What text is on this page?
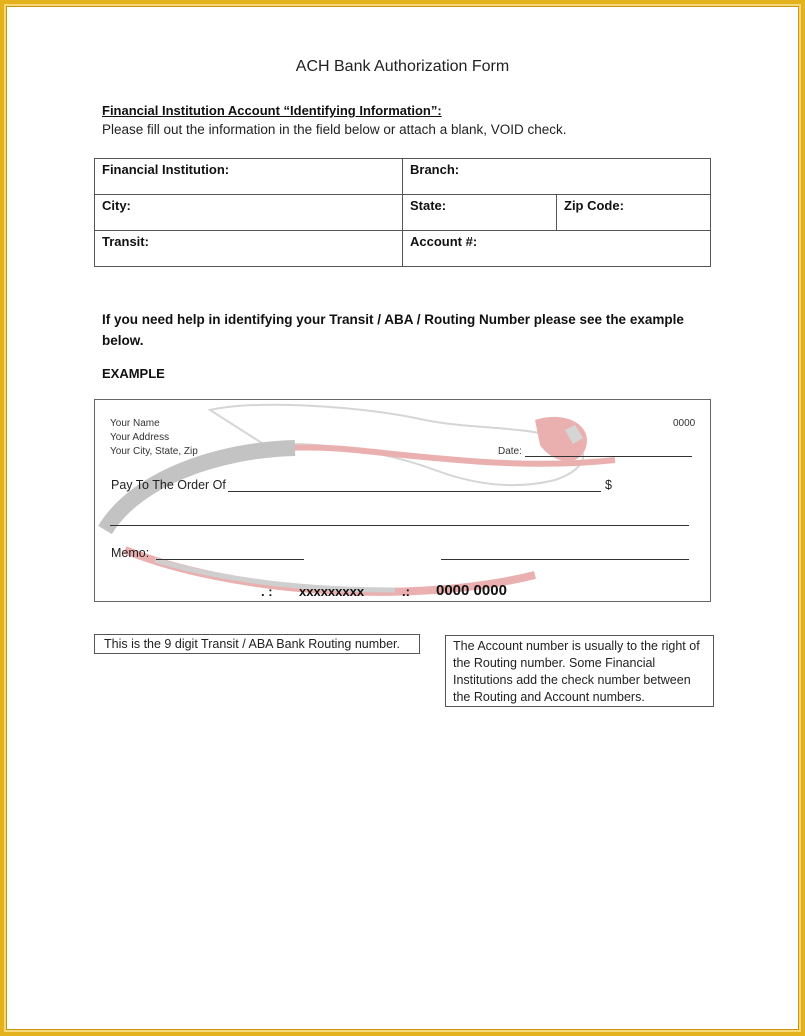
ACH Bank Authorization Form
Financial Institution Account “Identifying Information”:
Please fill out the information in the field below or attach a blank, VOID check.
Financial Institution:	Branch:	
City:	State:	Zip Code:
Transit:	Account #:	
If you need help in identifying your Transit / ABA / Routing Number please see the example below.
EXAMPLE
Your Name
Your Address
Your City, State, Zip
0000
Date:
Pay To The Order Of	$
Memo:
. : xxxxxxxxx	.: 0000 0000
This is the 9 digit Transit / ABA Bank Routing number.	The Account number is usually to the right of the Routing number. Some Financial Institutions add the check number between the Routing and Account numbers.
